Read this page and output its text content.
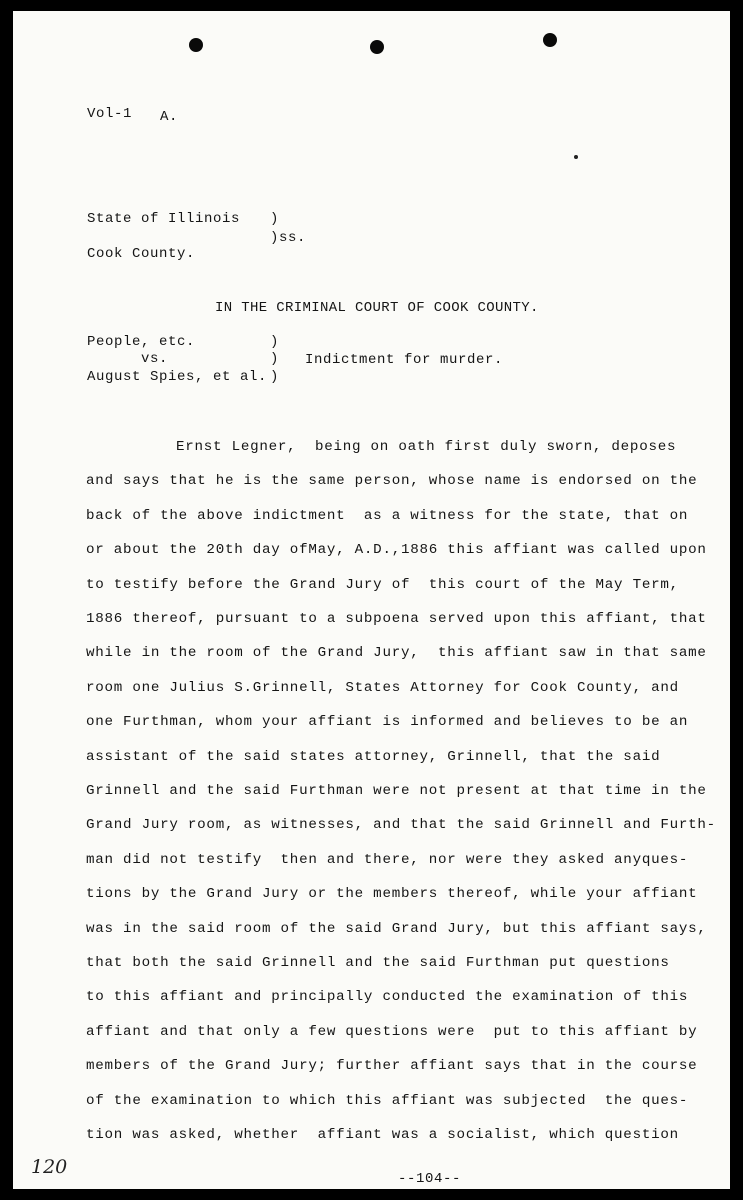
Vol-1 A.
State of Illinois )
)ss.
Cook County.
IN THE CRIMINAL COURT OF COOK COUNTY.
People, etc.
vs.
August Spies, et al.
)
)
)
Indictment for murder.
Ernst Legner,  being on oath first duly sworn, deposes
and says that he is the same person, whose name is endorsed on the
back of the above indictment  as a witness for the state, that on
or about the 20th day ofMay, A.D.,1886 this affiant was called upon
to testify before the Grand Jury of  this court of the May Term,
1886 thereof, pursuant to a subpoena served upon this affiant, that
while in the room of the Grand Jury,  this affiant saw in that same
room one Julius S.Grinnell, States Attorney for Cook County, and
one Furthman, whom your affiant is informed and believes to be an
assistant of the said states attorney, Grinnell, that the said
Grinnell and the said Furthman were not present at that time in the
Grand Jury room, as witnesses, and that the said Grinnell and Furth-
man did not testify  then and there, nor were they asked anyques-
tions by the Grand Jury or the members thereof, while your affiant
was in the said room of the said Grand Jury, but this affiant says,
that both the said Grinnell and the said Furthman put questions
to this affiant and principally conducted the examination of this
affiant and that only a few questions were  put to this affiant by
members of the Grand Jury; further affiant says that in the course
of the examination to which this affiant was subjected  the ques-
tion was asked, whether  affiant was a socialist, which question
120
--104--
